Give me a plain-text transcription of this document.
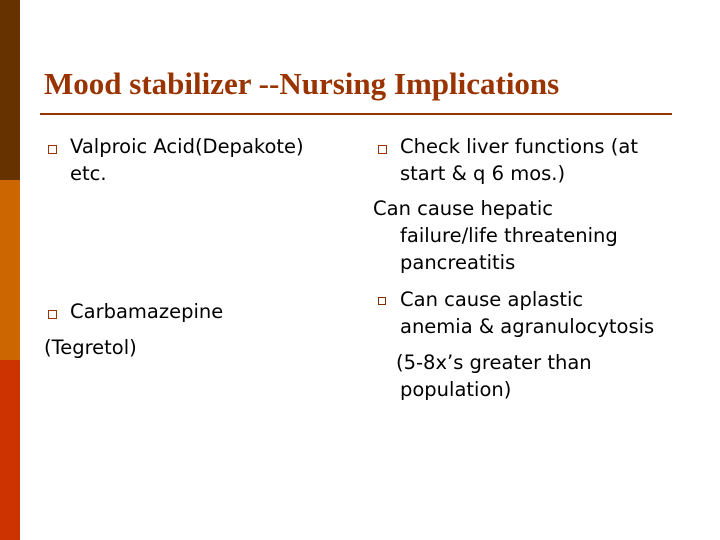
Mood stabilizer --Nursing Implications
Valproic Acid(Depakote)
etc.
Carbamazepine
(Tegretol)
Check liver functions (at
start & q 6 mos.)
Can cause hepatic
failure/life threatening
pancreatitis
Can cause aplastic
anemia & agranulocytosis
(5-8x’s greater than
population)
